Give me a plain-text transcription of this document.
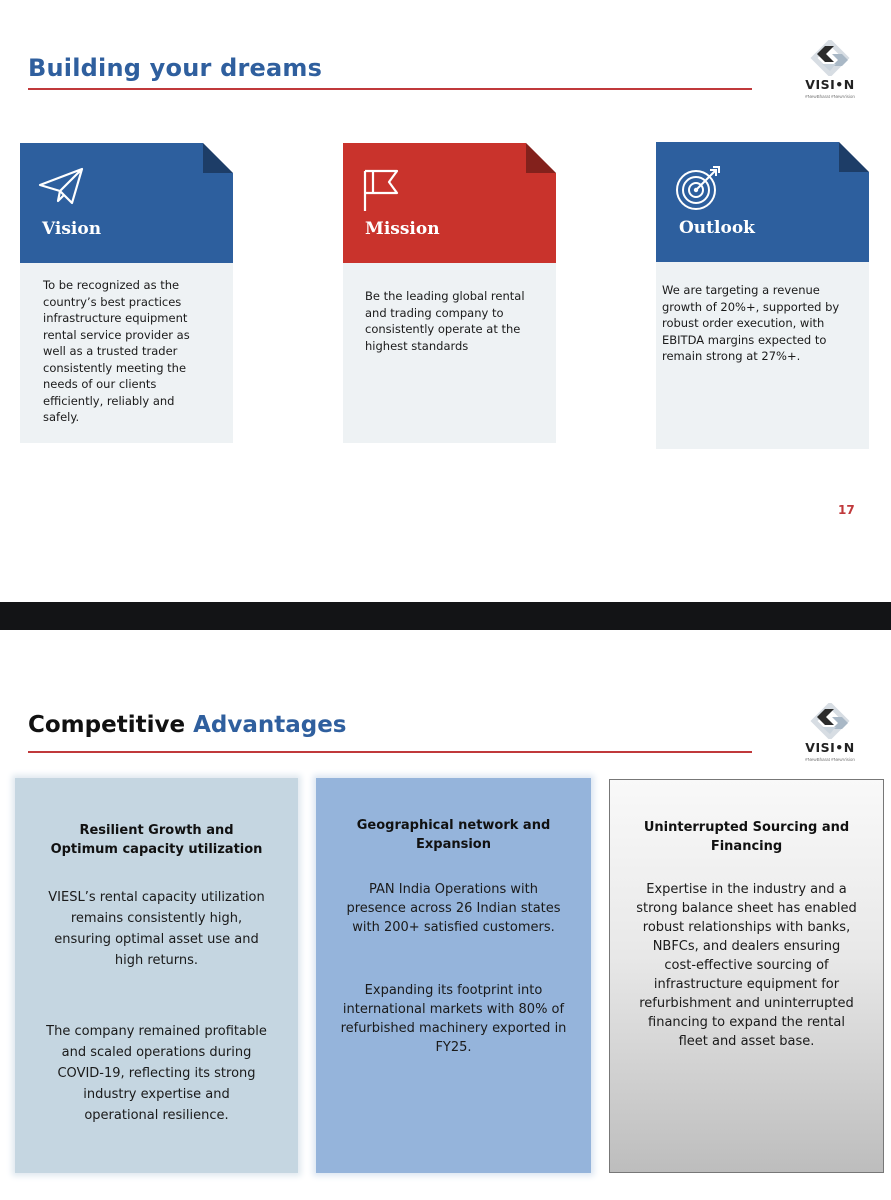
Building your dreams
VISI•N
#NewBharat #NewVision
Vision
To be recognized as the country’s best practices infrastructure equipment rental service provider as well as a trusted trader consistently meeting the needs of our clients efficiently, reliably and safely.
Mission
Be the leading global rental and trading company to consistently operate at the highest standards
Outlook
We are targeting a revenue growth of 20%+, supported by robust order execution, with EBITDA margins expected to remain strong at 27%+.
17
Competitive Advantages
VISI•N
#NewBharat #NewVision
Resilient Growth and Optimum capacity utilization

VIESL’s rental capacity utilization remains consistently high, ensuring optimal asset use and high returns.

The company remained profitable and scaled operations during COVID-19, reflecting its strong industry expertise and operational resilience.

Geographical network and Expansion

PAN India Operations with presence across 26 Indian states with 200+ satisfied customers.

Expanding its footprint into international markets with 80% of refurbished machinery exported in FY25.

Uninterrupted Sourcing and Financing

Expertise in the industry and a strong balance sheet has enabled robust relationships with banks, NBFCs, and dealers ensuring cost-effective sourcing of infrastructure equipment for refurbishment and uninterrupted financing to expand the rental fleet and asset base.
